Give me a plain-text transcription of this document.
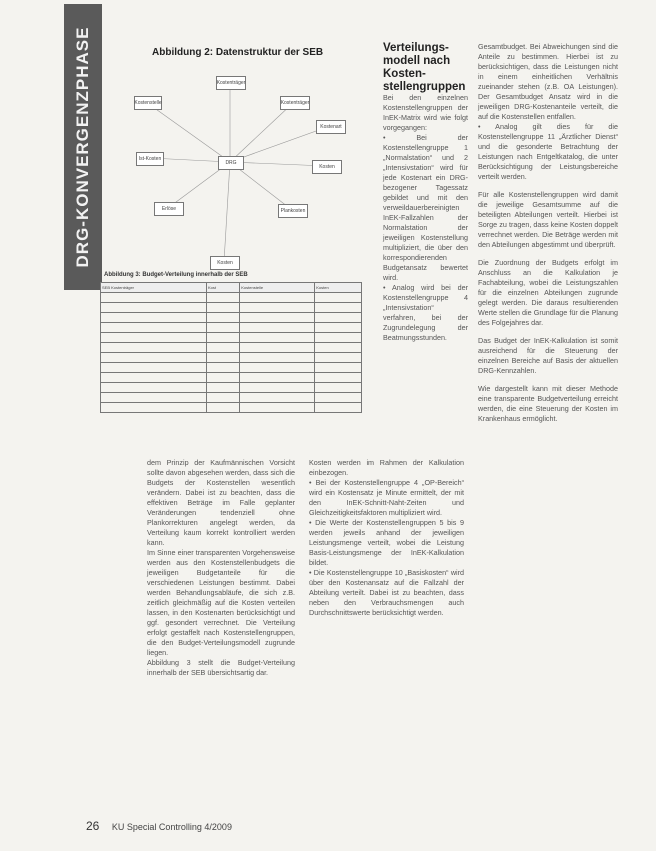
DRG-KONVERGENZPHASE	Abbildung 2: Datenstruktur der SEB
Kostenstelle
Kostenträger
Kostenträger
Kostenart
Ist-Kosten
DRG
Kosten
Erlöse	Plankosten
Kosten
Abbildung 3: Budget-Verteilung innerhalb der SEB
SEB Kostenträger	Kost	Kostenstelle	Kosten

Verteilungs-modell nach Kosten-stellengruppen

Bei den einzelnen Kostenstellengruppen der InEK-Matrix wird wie folgt vorgegangen:

• Bei der Kostenstellengruppe 1 „Normalstation“ und 2 „Intensivstation“ wird für jede Kostenart ein DRG-bezogener Tagessatz gebildet und mit den verweildauerbereinigten InEK-Fallzahlen der Normalstation der jeweiligen Kostenstellung multipliziert, die über den korrespondierenden Budgetansatz bewertet wird.

• Analog wird bei der Kostenstellengruppe 4 „Intensivstation“ verfahren, bei der Zugrundelegung der Beatmungsstunden.

dem Prinzip der Kaufmännischen Vorsicht sollte davon abgesehen werden, dass sich die Budgets der Kostenstellen wesentlich verändern. Dabei ist zu beachten, dass die effektiven Beträge im Falle geplanter Veränderungen tendenziell ohne Plankorrekturen angelegt werden, da Verteilung kaum korrekt kontrolliert werden kann.

Im Sinne einer transparenten Vorgehensweise werden aus den Kostenstellenbudgets die jeweiligen Budgetanteile für die verschiedenen Leistungen bestimmt. Dabei werden Behandlungsabläufe, die sich z.B. zeitlich gleichmäßig auf die Kosten verteilen lassen, in den Kostenarten berücksichtigt und ggf. gesondert verrechnet. Die Verteilung erfolgt gestaffelt nach Kostenstellengruppen, die den Budget-Verteilungsmodell zugrunde liegen.

Abbildung 3 stellt die Budget-Verteilung innerhalb der SEB übersichtsartig dar.

Kosten werden im Rahmen der Kalkulation einbezogen.

• Bei der Kostenstellengruppe 4 „OP-Bereich“ wird ein Kostensatz je Minute ermittelt, der mit den InEK-Schnitt-Naht-Zeiten und Gleichzeitigkeitsfaktoren multipliziert wird.

• Die Werte der Kostenstellengruppen 5 bis 9 werden jeweils anhand der jeweiligen Leistungsmenge verteilt, wobei die Leistung Basis-Leistungsmenge der InEK-Kalkulation bildet.

• Die Kostenstellengruppe 10 „Basiskosten“ wird über den Kostenansatz auf die Fallzahl der Abteilung verteilt. Dabei ist zu beachten, dass neben den Verbrauchsmengen auch Durchschnittswerte berücksichtigt werden.

Gesamtbudget. Bei Abweichungen sind die Anteile zu bestimmen. Hierbei ist zu berücksichtigen, dass die Leistungen nicht in einem einheitlichen Verhältnis zueinander stehen (z.B. OA Leistungen). Der Gesamtbudget Ansatz wird in die jeweiligen DRG-Kostenanteile verteilt, die auf die Kostenstellen entfallen.

• Analog gilt dies für die Kostenstellengruppe 11 „Ärztlicher Dienst“ und die gesonderte Betrachtung der Leistungen nach Entgeltkatalog, die unter Berücksichtigung der Leistungsbereiche verteilt werden.

Für alle Kostenstellengruppen wird damit die jeweilige Gesamtsumme auf die beteiligten Abteilungen verteilt. Hierbei ist Sorge zu tragen, dass keine Kosten doppelt verrechnet werden. Die Beträge werden mit den Abteilungen abgestimmt und überprüft.

Die Zuordnung der Budgets erfolgt im Anschluss an die Kalkulation je Fachabteilung, wobei die Leistungszahlen für die einzelnen Abteilungen zugrunde gelegt werden. Die daraus resultierenden Werte stellen die Grundlage für die Planung des Folgejahres dar.

Das Budget der InEK-Kalkulation ist somit ausreichend für die Steuerung der einzelnen Bereiche auf Basis der aktuellen DRG-Kennzahlen.

Wie dargestellt kann mit dieser Methode eine transparente Budgetverteilung erreicht werden, die eine Steuerung der Kosten im Krankenhaus ermöglicht.

26 KU Special Controlling 4/2009
